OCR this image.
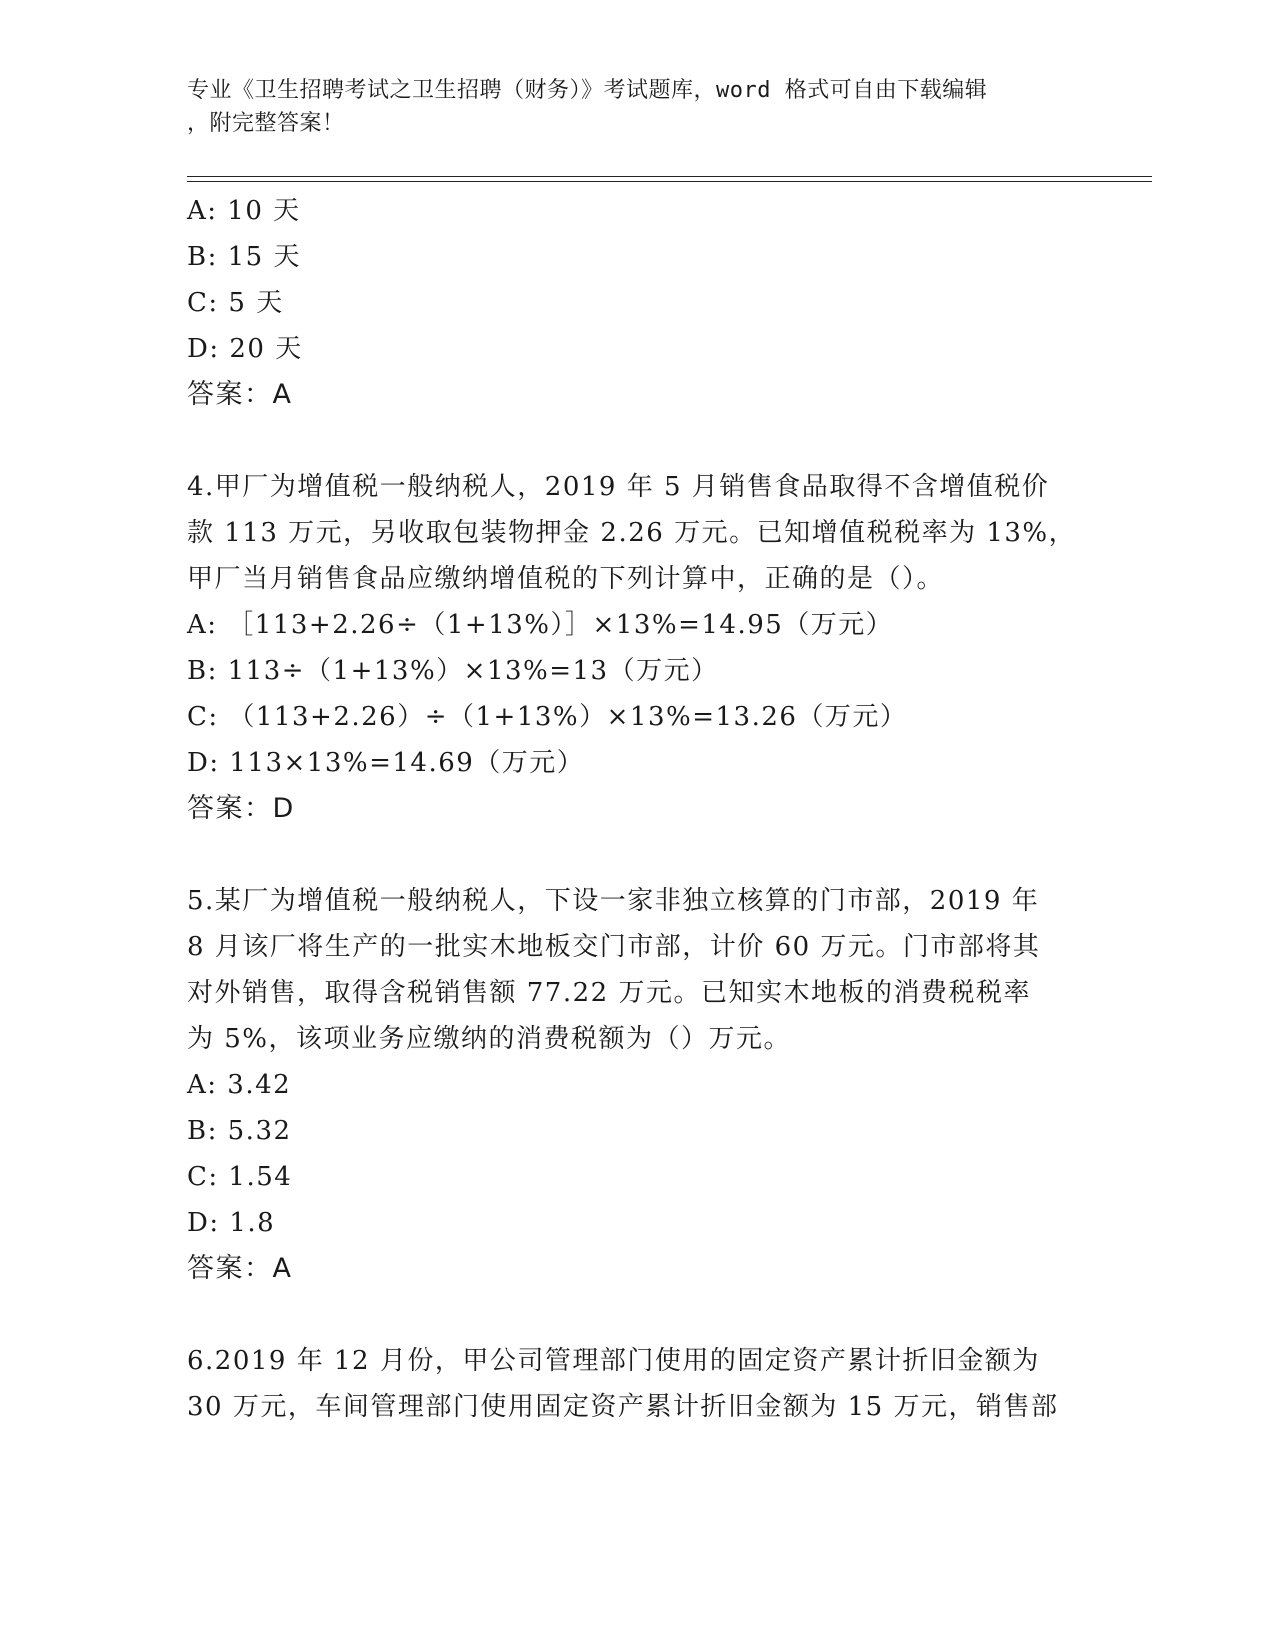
专业《卫生招聘考试之卫生招聘（财务）》考试题库，word 格式可自由下载编辑
，附完整答案！
A: 10 天
B: 15 天
C: 5 天
D: 20 天
答案：A
4.甲厂为增值税一般纳税人，2019 年 5 月销售食品取得不含增值税价
款 113 万元，另收取包装物押金 2.26 万元。已知增值税税率为 13%，
甲厂当月销售食品应缴纳增值税的下列计算中，正确的是（）。
A: ［113+2.26÷（1+13%）］×13%=14.95（万元）
B: 113÷（1+13%）×13%=13（万元）
C: （113+2.26）÷（1+13%）×13%=13.26（万元）
D: 113×13%=14.69（万元）
答案：D
5.某厂为增值税一般纳税人，下设一家非独立核算的门市部，2019 年
8 月该厂将生产的一批实木地板交门市部，计价 60 万元。门市部将其
对外销售，取得含税销售额 77.22 万元。已知实木地板的消费税税率
为 5%，该项业务应缴纳的消费税额为（）万元。
A: 3.42
B: 5.32
C: 1.54
D: 1.8
答案：A
6.2019 年 12 月份，甲公司管理部门使用的固定资产累计折旧金额为
30 万元，车间管理部门使用固定资产累计折旧金额为 15 万元，销售部
